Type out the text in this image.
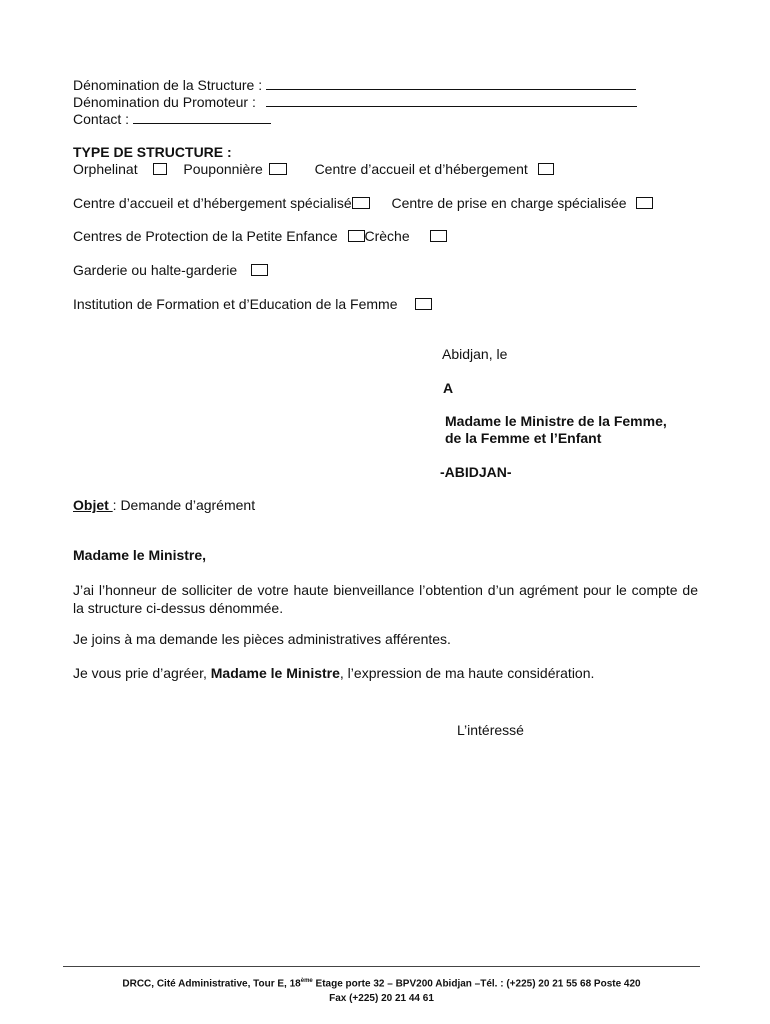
Dénomination de la Structure :
Dénomination du Promoteur :
Contact :
TYPE DE STRUCTURE :
Orphelinat	Pouponnière	Centre d’accueil et d’hébergement
Centre d’accueil et d’hébergement spécialisé	Centre de prise en charge spécialisée
Centres de Protection de la Petite Enfance Crèche
Garderie ou halte-garderie
Institution de Formation et d’Education de la Femme
Abidjan, le
A
Madame le Ministre de la Femme,
de la Femme et l’Enfant
-ABIDJAN-
Objet : Demande d’agrément
Madame le Ministre,
J’ai l’honneur de solliciter de votre haute bienveillance l’obtention d’un agrément pour le compte de la structure ci-dessus dénommée.
Je joins à ma demande les pièces administratives afférentes.
Je vous prie d’agréer, Madame le Ministre, l’expression de ma haute considération.
L’intéressé
DRCC, Cité Administrative, Tour E, 18ème Etage porte 32 – BPV200 Abidjan –Tél. : (+225) 20 21 55 68 Poste 420
Fax (+225) 20 21 44 61
